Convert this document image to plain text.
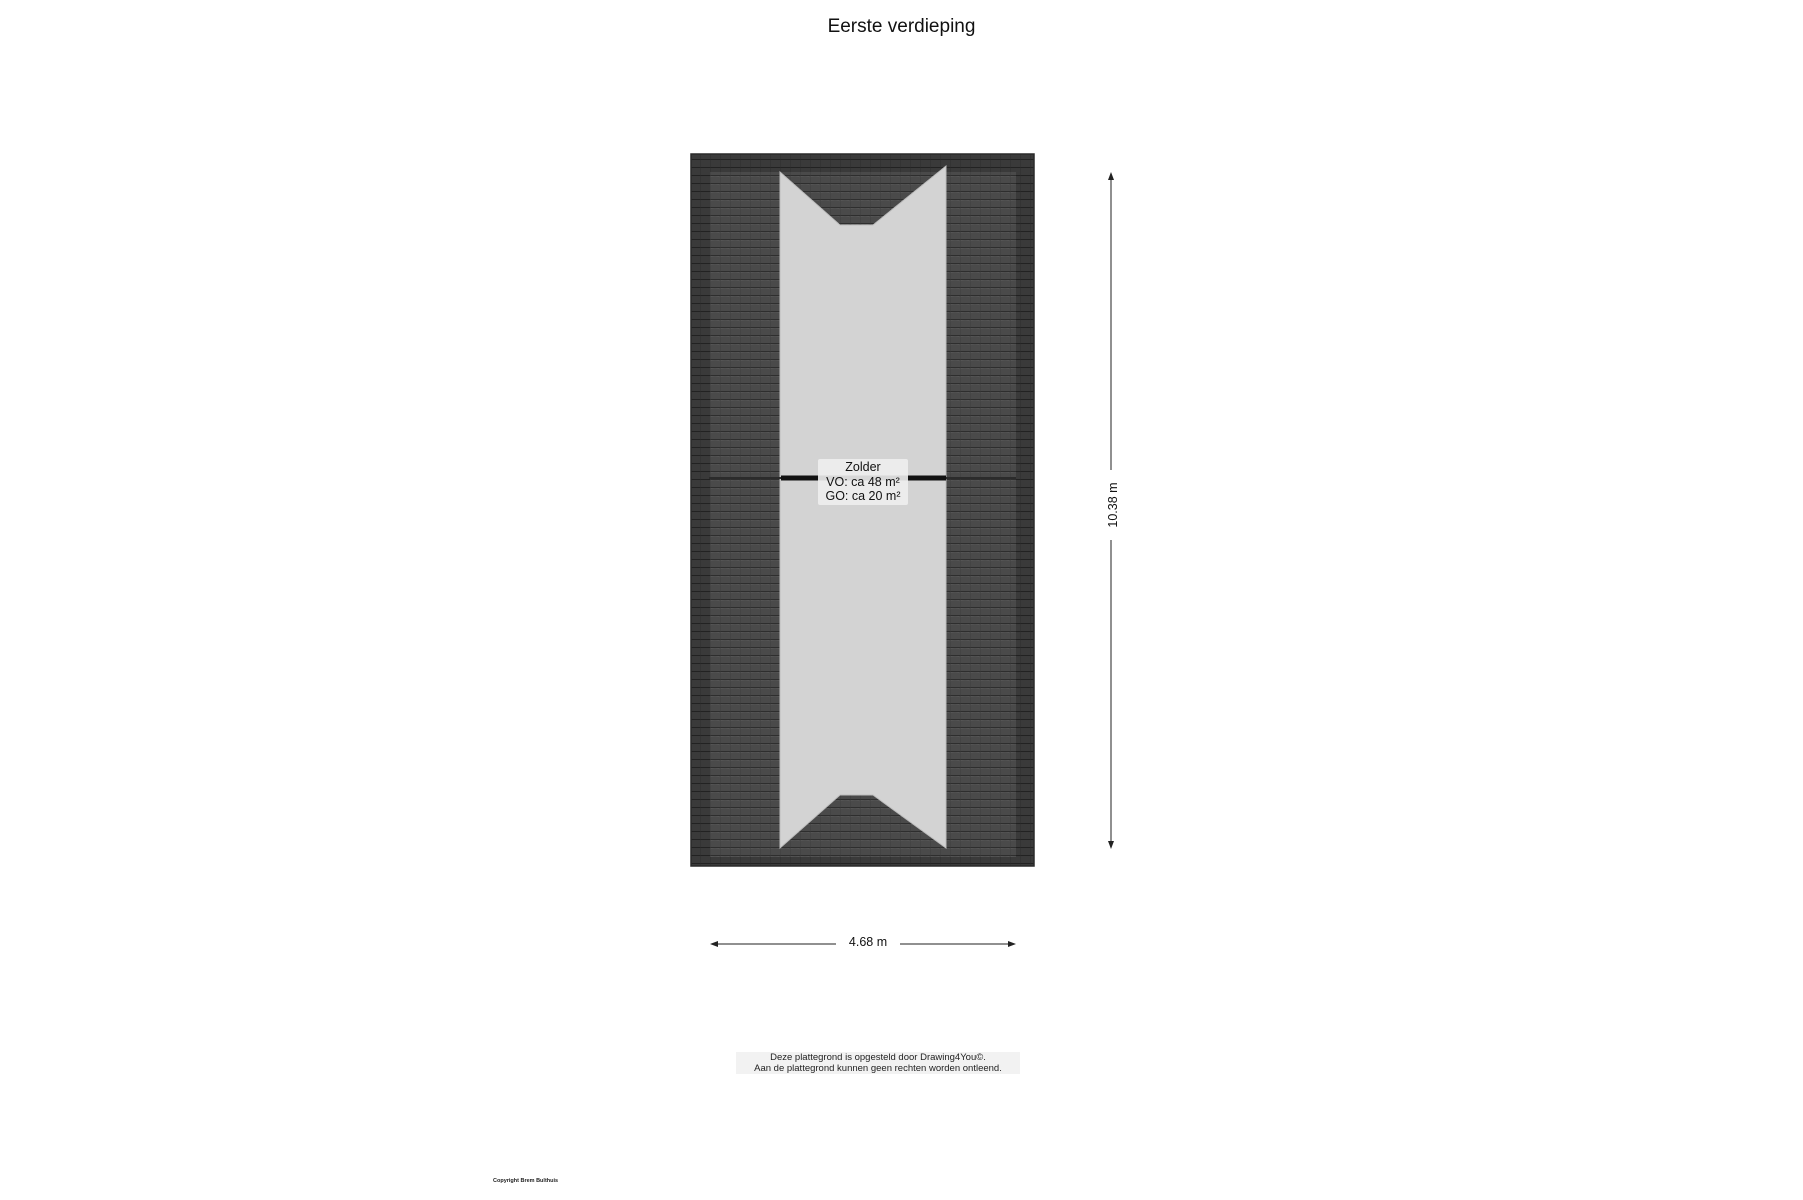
Eerste verdieping
Zolder
VO: ca 48 m²
GO: ca 20 m²
4.68 m
10.38 m
Deze plattegrond is opgesteld door Drawing4You©.
Aan de plattegrond kunnen geen rechten worden ontleend.
Copyright Brem Bulthuis
